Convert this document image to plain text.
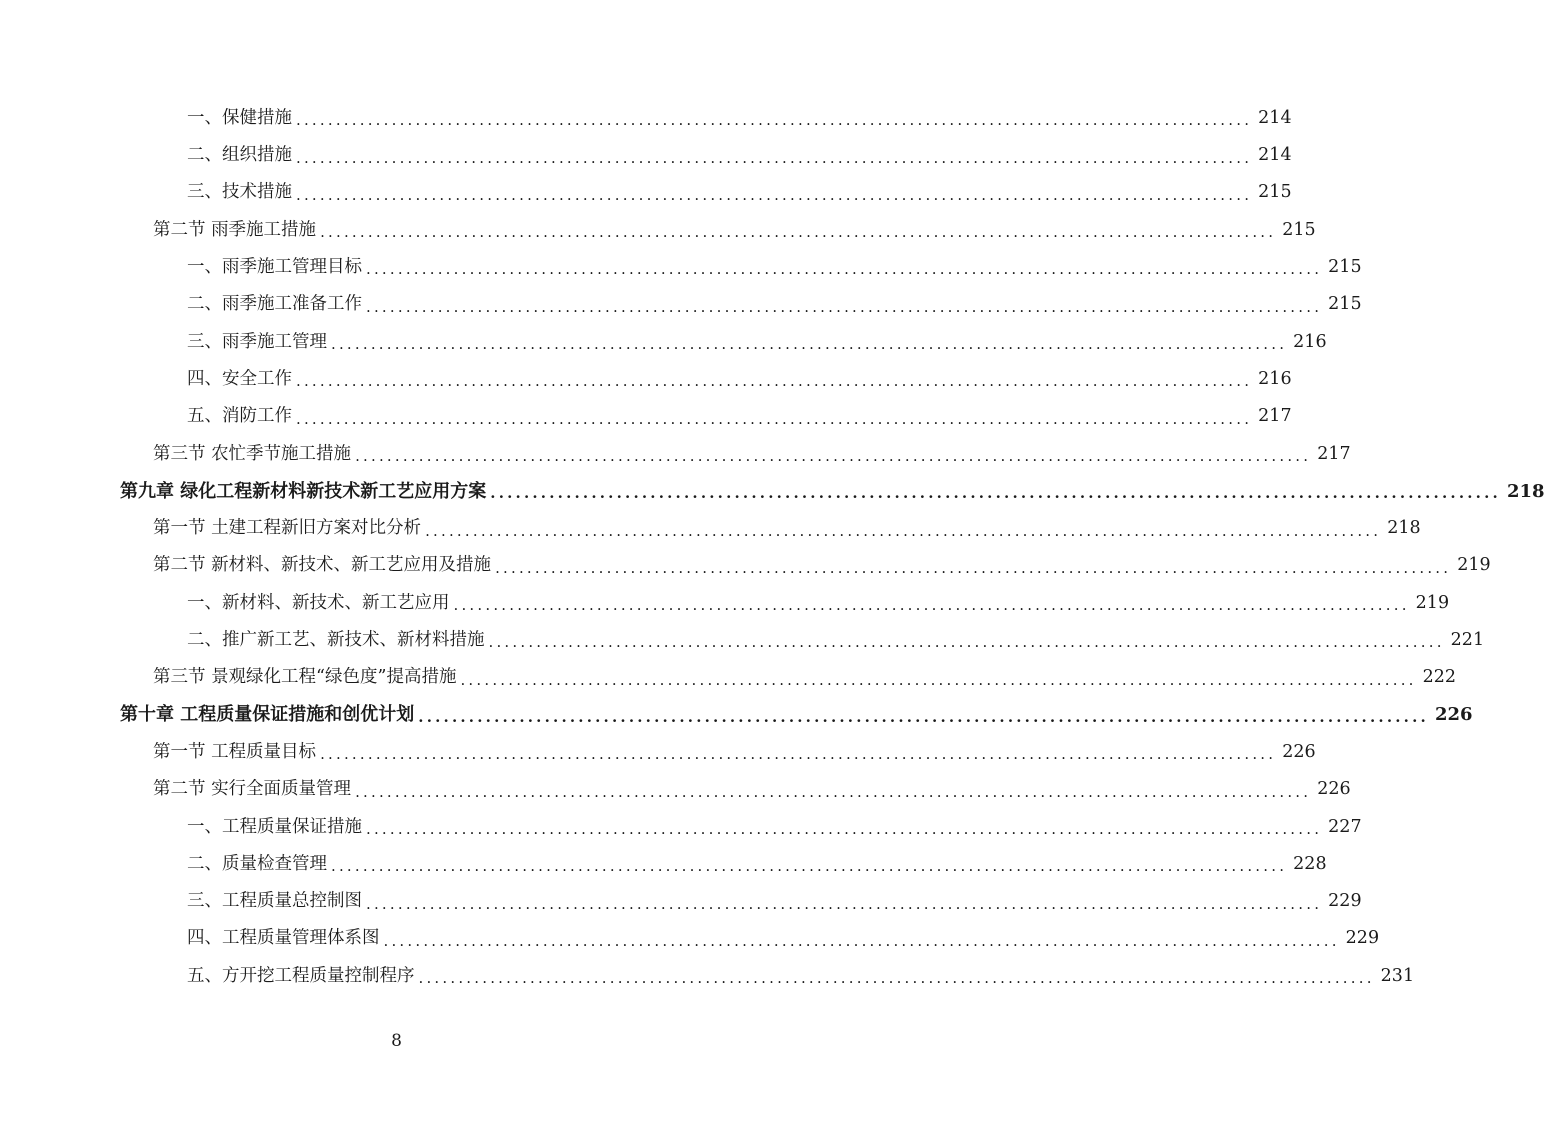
一、保健措施 ........................................................................................................................ 214
二、组织措施 ........................................................................................................................ 214
三、技术措施 ........................................................................................................................ 215
第二节 雨季施工措施 ........................................................................................................................ 215
一、雨季施工管理目标 ........................................................................................................................ 215
二、雨季施工准备工作 ........................................................................................................................ 215
三、雨季施工管理 ........................................................................................................................ 216
四、安全工作 ........................................................................................................................ 216
五、消防工作 ........................................................................................................................ 217
第三节 农忙季节施工措施 ........................................................................................................................ 217
第九章 绿化工程新材料新技术新工艺应用方案 ........................................................................................................................ 218
第一节 土建工程新旧方案对比分析 ........................................................................................................................ 218
第二节 新材料、新技术、新工艺应用及措施 ........................................................................................................................ 219
一、新材料、新技术、新工艺应用 ........................................................................................................................ 219
二、推广新工艺、新技术、新材料措施 ........................................................................................................................ 221
第三节 景观绿化工程“绿色度”提高措施 ........................................................................................................................ 222
第十章 工程质量保证措施和创优计划 ........................................................................................................................ 226
第一节 工程质量目标 ........................................................................................................................ 226
第二节 实行全面质量管理 ........................................................................................................................ 226
一、工程质量保证措施 ........................................................................................................................ 227
二、质量检查管理 ........................................................................................................................ 228
三、工程质量总控制图 ........................................................................................................................ 229
四、工程质量管理体系图 ........................................................................................................................ 229
五、方开挖工程质量控制程序 ........................................................................................................................ 231
8
